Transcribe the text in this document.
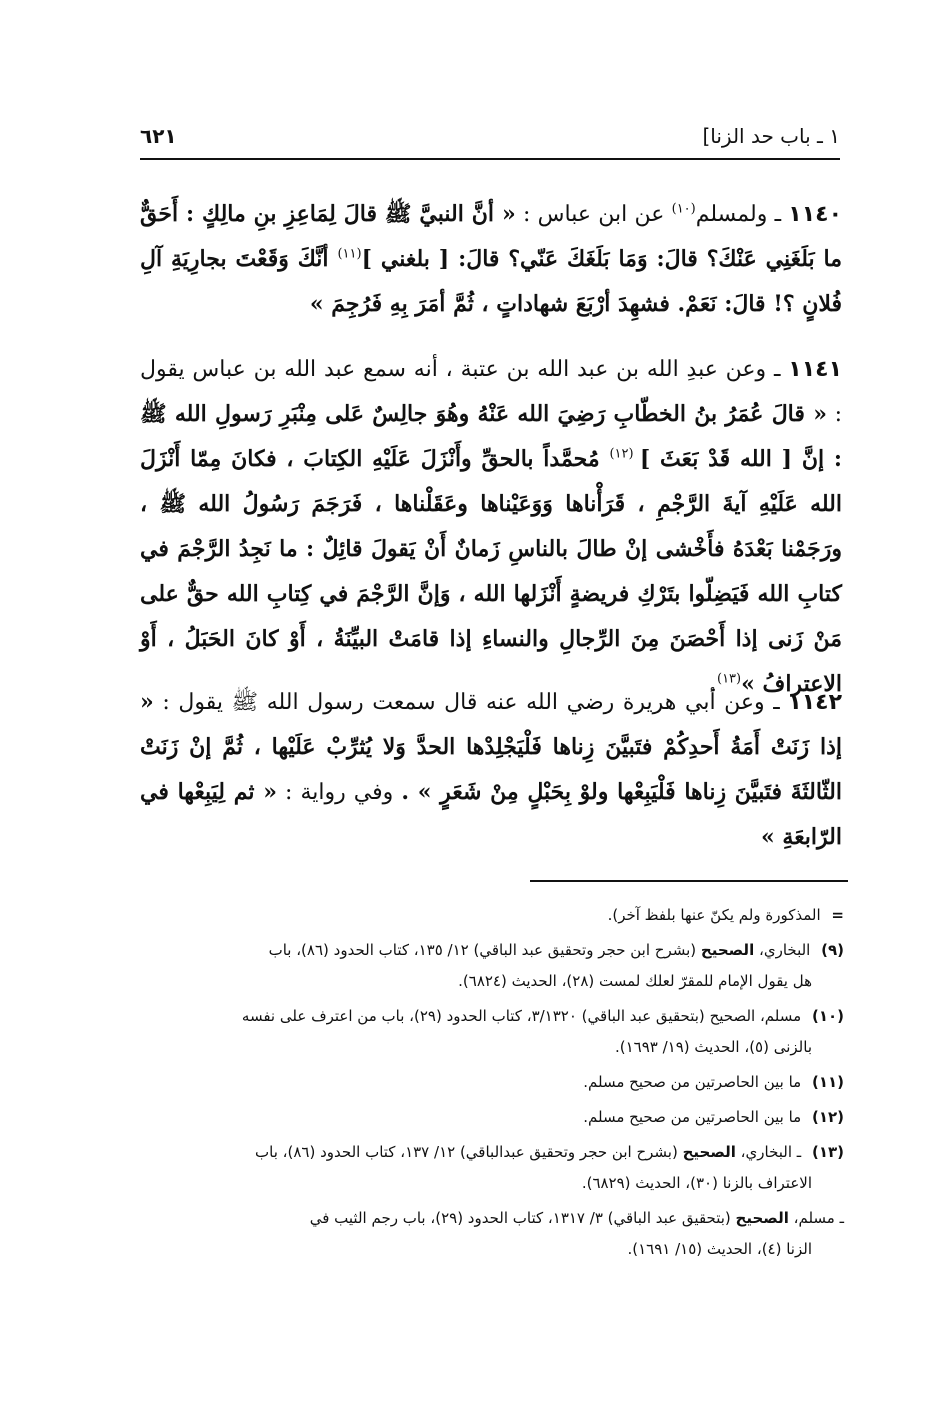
١ ـ باب حد الزنا]
٦٢١
١١٤٠ ـ ولمسلم$^{(١٠)}$ عن ابن عباس : « أنَّ النبيَّ ﷺ قالَ لِمَاعِزِ بنِ مالِكٍ : أَحَقٌّ ما بَلَغَنِي عَنْكَ؟ قالَ: وَمَا بَلَغَكَ عَنّي؟ قالَ: [ بلغني ]$^{(١١)}$ أنَّكَ وَقَعْتَ بجارِيَةِ آلِ فُلانٍ ؟! قالَ: نَعَمْ. فشهِدَ أرْبَعَ شهاداتٍ ، ثُمَّ أمَرَ بِهِ فَرُجِمَ »
١١٤١ ـ وعن عبدِ الله بن عبد الله بن عتبة ، أنه سمع عبد الله بن عباس يقول : « قالَ عُمَرُ بنُ الخطّابِ رَضِيَ الله عَنْهُ وهُوَ جالِسٌ عَلى مِنْبَرِ رَسولِ الله ﷺ : إنَّ [ الله قَدْ بَعَثَ ] $^{(١٢)}$ مُحمَّداً بالحقِّ وأَنْزَلَ عَلَيْهِ الكِتابَ ، فكانَ مِمّا أَنْزَلَ الله عَلَيْهِ آيةَ الرَّجْمِ ، قَرَأْناها وَوَعَيْناها وعَقَلْناها ، فَرَجَمَ رَسُولُ الله ﷺ ، ورَجَمْنا بَعْدَهُ فأَخْشى إنْ طالَ بالناسِ زَمانٌ أَنْ يَقولَ قائِلٌ : ما نَجِدُ الرَّجْمَ في كتابِ الله فَيَضِلّوا بتَرْكِ فريضةٍ أَنْزَلها الله ، وَإنَّ الرَّجْمَ في كِتابِ الله حقٌّ على مَنْ زَنى إذا أَحْصَنَ مِنَ الرِّجالِ والنساءِ إذا قامَتْ البيِّنَةُ ، أَوْ كانَ الحَبَلُ ، أَوْ الاعترافُ »$^{(١٣)}$.
١١٤٢ ـ وعن أبي هريرة رضي الله عنه قال سمعت رسول الله ﷺ يقول : « إذا زَنَتْ أَمَةُ أَحدِكُمْ فتَبيَّنَ زِناها فَلْيَجْلِدْها الحدَّ وَلا يُثرِّبْ عَلَيْها ، ثُمَّ إنْ زَنَتْ الثّالثَةَ فتَبيَّنَ زِناها فَلْيَبِعْها ولوْ بِحَبْلٍ مِنْ شَعَرٍ » . وفي رواية : « ثم لِيَبِعْها في الرّابعَةِ »
= المذكورة ولم يكنّ عنها بلفظ آخر).
(٩) البخاري، الصحيح (بشرح ابن حجر وتحقيق عبد الباقي) ١٢/ ١٣٥، كتاب الحدود (٨٦)، باب
هل يقول الإمام للمقرّ لعلك لمست (٢٨)، الحديث (٦٨٢٤).
(١٠) مسلم، الصحيح (بتحقيق عبد الباقي) ٣/١٣٢٠، كتاب الحدود (٢٩)، باب من اعترف على نفسه
بالزنى (٥)، الحديث (١٩/ ١٦٩٣).
(١١) ما بين الحاصرتين من صحيح مسلم.
(١٢) ما بين الحاصرتين من صحيح مسلم.
(١٣) ـ البخاري، الصحيح (بشرح ابن حجر وتحقيق عبدالباقي) ١٢/ ١٣٧، كتاب الحدود (٨٦)، باب
الاعتراف بالزنا (٣٠)، الحديث (٦٨٢٩).
ـ مسلم، الصحيح (بتحقيق عبد الباقي) ٣/ ١٣١٧، كتاب الحدود (٢٩)، باب رجم الثيب في
الزنا (٤)، الحديث (١٥/ ١٦٩١).
